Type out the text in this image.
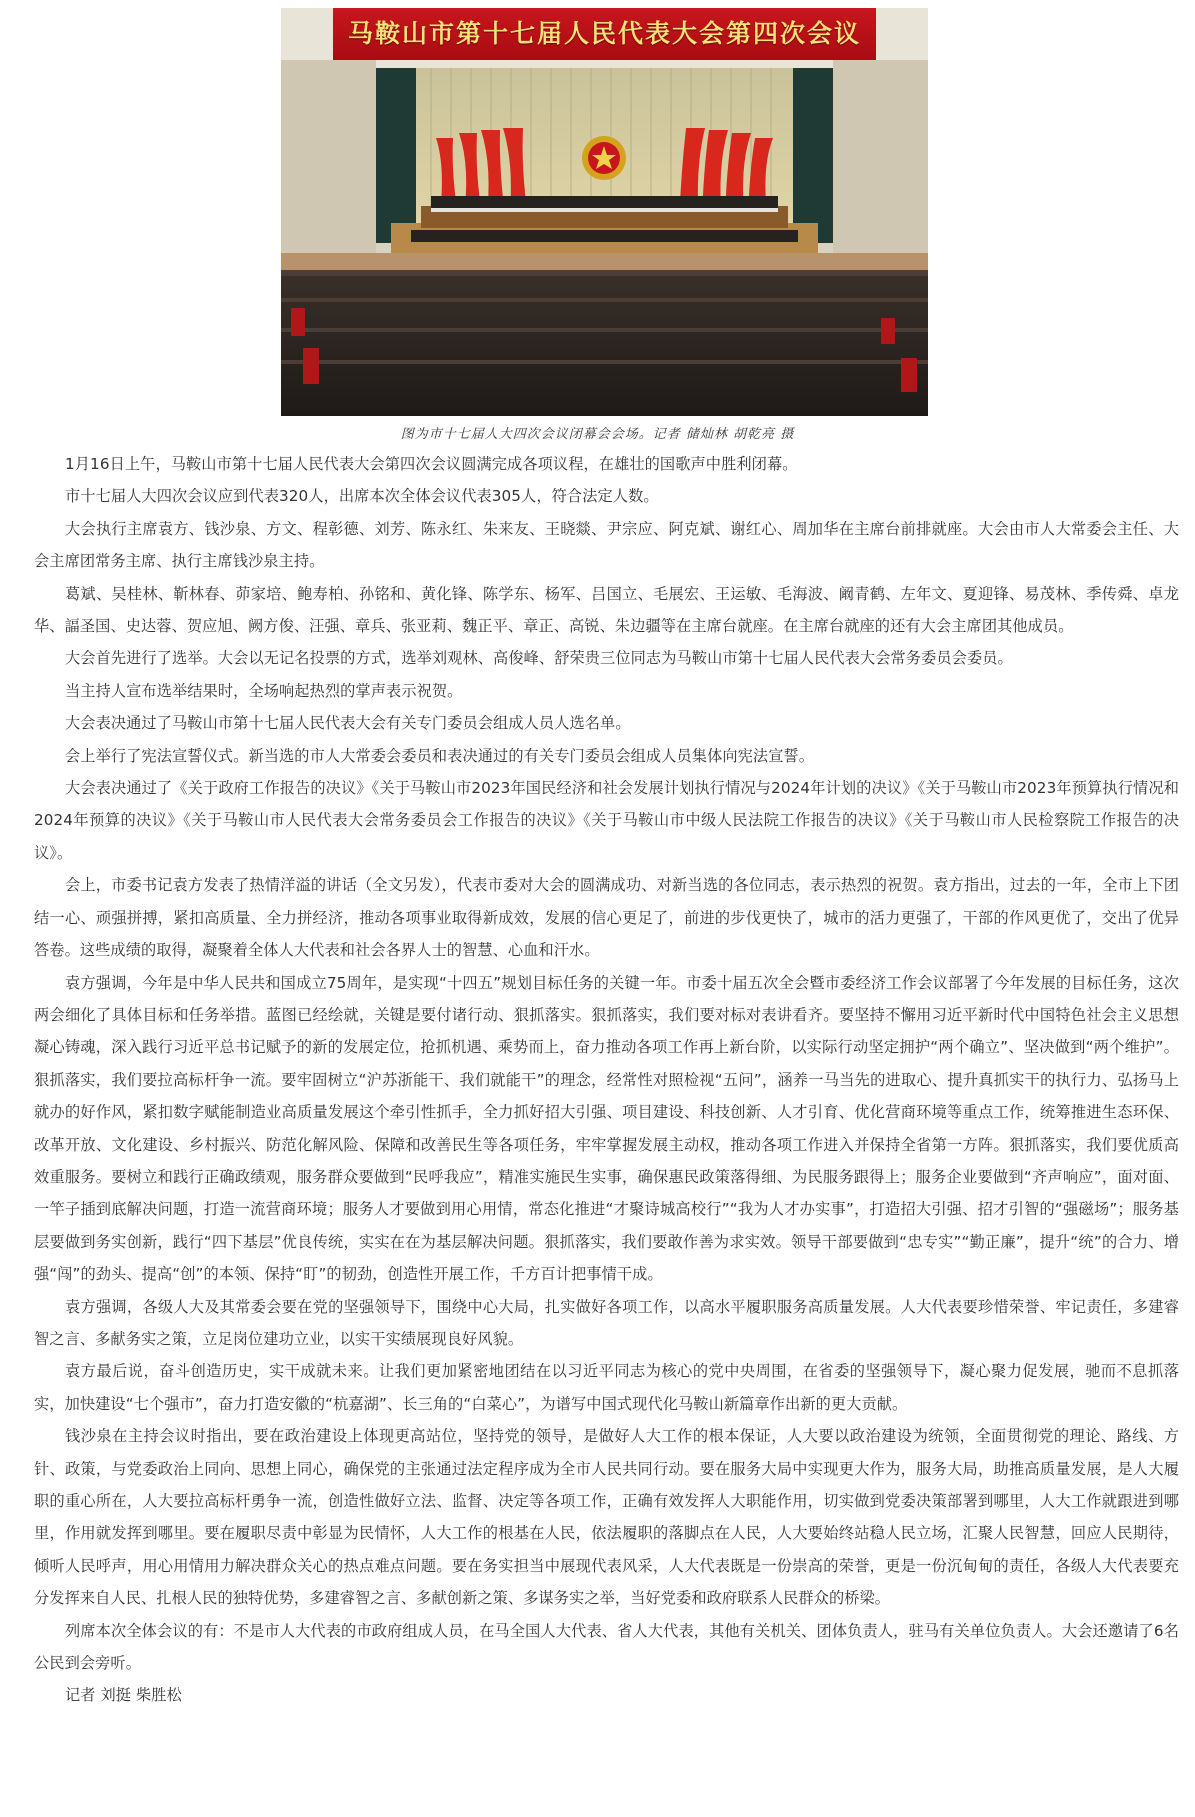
马鞍山市第十七届人民代表大会第四次会议
图为市十七届人大四次会议闭幕会会场。记者 储灿林 胡乾亮 摄

1月16日上午，马鞍山市第十七届人民代表大会第四次会议圆满完成各项议程，在雄壮的国歌声中胜利闭幕。

市十七届人大四次会议应到代表320人，出席本次全体会议代表305人，符合法定人数。

大会执行主席袁方、钱沙泉、方文、程彰德、刘芳、陈永红、朱来友、王晓燚、尹宗应、阿克斌、谢红心、周加华在主席台前排就座。大会由市人大常委会主任、大会主席团常务主席、执行主席钱沙泉主持。

葛斌、吴桂林、靳林春、茆家培、鲍寿柏、孙铭和、黄化锋、陈学东、杨军、吕国立、毛展宏、王运敏、毛海波、阚青鹤、左年文、夏迎锋、易茂林、季传舜、卓龙华、諨圣国、史达蓉、贺应旭、阙方俊、汪强、章兵、张亚莉、魏正平、章正、高锐、朱边疆等在主席台就座。在主席台就座的还有大会主席团其他成员。

大会首先进行了选举。大会以无记名投票的方式，选举刘观林、高俊峰、舒荣贵三位同志为马鞍山市第十七届人民代表大会常务委员会委员。

当主持人宣布选举结果时，全场响起热烈的掌声表示祝贺。

大会表决通过了马鞍山市第十七届人民代表大会有关专门委员会组成人员人选名单。

会上举行了宪法宣誓仪式。新当选的市人大常委会委员和表决通过的有关专门委员会组成人员集体向宪法宣誓。

大会表决通过了《关于政府工作报告的决议》《关于马鞍山市2023年国民经济和社会发展计划执行情况与2024年计划的决议》《关于马鞍山市2023年预算执行情况和2024年预算的决议》《关于马鞍山市人民代表大会常务委员会工作报告的决议》《关于马鞍山市中级人民法院工作报告的决议》《关于马鞍山市人民检察院工作报告的决议》。

会上，市委书记袁方发表了热情洋溢的讲话（全文另发），代表市委对大会的圆满成功、对新当选的各位同志，表示热烈的祝贺。袁方指出，过去的一年，全市上下团结一心、顽强拼搏，紧扣高质量、全力拼经济，推动各项事业取得新成效，发展的信心更足了，前进的步伐更快了，城市的活力更强了，干部的作风更优了，交出了优异答卷。这些成绩的取得，凝聚着全体人大代表和社会各界人士的智慧、心血和汗水。

袁方强调，今年是中华人民共和国成立75周年，是实现“十四五”规划目标任务的关键一年。市委十届五次全会暨市委经济工作会议部署了今年发展的目标任务，这次两会细化了具体目标和任务举措。蓝图已经绘就，关键是要付诸行动、狠抓落实。狠抓落实，我们要对标对表讲看齐。要坚持不懈用习近平新时代中国特色社会主义思想凝心铸魂，深入践行习近平总书记赋予的新的发展定位，抢抓机遇、乘势而上，奋力推动各项工作再上新台阶，以实际行动坚定拥护“两个确立”、坚决做到“两个维护”。狠抓落实，我们要拉高标杆争一流。要牢固树立“沪苏浙能干、我们就能干”的理念，经常性对照检视“五问”，涵养一马当先的进取心、提升真抓实干的执行力、弘扬马上就办的好作风，紧扣数字赋能制造业高质量发展这个牵引性抓手，全力抓好招大引强、项目建设、科技创新、人才引育、优化营商环境等重点工作，统筹推进生态环保、改革开放、文化建设、乡村振兴、防范化解风险、保障和改善民生等各项任务，牢牢掌握发展主动权，推动各项工作进入并保持全省第一方阵。狠抓落实，我们要优质高效重服务。要树立和践行正确政绩观，服务群众要做到“民呼我应”，精准实施民生实事，确保惠民政策落得细、为民服务跟得上；服务企业要做到“齐声响应”，面对面、一竿子插到底解决问题，打造一流营商环境；服务人才要做到用心用情，常态化推进“才聚诗城高校行”“我为人才办实事”，打造招大引强、招才引智的“强磁场”；服务基层要做到务实创新，践行“四下基层”优良传统，实实在在为基层解决问题。狠抓落实，我们要敢作善为求实效。领导干部要做到“忠专实”“勤正廉”，提升“统”的合力、增强“闯”的劲头、提高“创”的本领、保持“盯”的韧劲，创造性开展工作，千方百计把事情干成。

袁方强调，各级人大及其常委会要在党的坚强领导下，围绕中心大局，扎实做好各项工作，以高水平履职服务高质量发展。人大代表要珍惜荣誉、牢记责任，多建睿智之言、多献务实之策，立足岗位建功立业，以实干实绩展现良好风貌。

袁方最后说，奋斗创造历史，实干成就未来。让我们更加紧密地团结在以习近平同志为核心的党中央周围，在省委的坚强领导下，凝心聚力促发展，驰而不息抓落实，加快建设“七个强市”，奋力打造安徽的“杭嘉湖”、长三角的“白菜心”，为谱写中国式现代化马鞍山新篇章作出新的更大贡献。

钱沙泉在主持会议时指出，要在政治建设上体现更高站位，坚持党的领导，是做好人大工作的根本保证，人大要以政治建设为统领，全面贯彻党的理论、路线、方针、政策，与党委政治上同向、思想上同心，确保党的主张通过法定程序成为全市人民共同行动。要在服务大局中实现更大作为，服务大局，助推高质量发展，是人大履职的重心所在，人大要拉高标杆勇争一流，创造性做好立法、监督、决定等各项工作，正确有效发挥人大职能作用，切实做到党委决策部署到哪里，人大工作就跟进到哪里，作用就发挥到哪里。要在履职尽责中彰显为民情怀，人大工作的根基在人民，依法履职的落脚点在人民，人大要始终站稳人民立场，汇聚人民智慧，回应人民期待，倾听人民呼声，用心用情用力解决群众关心的热点难点问题。要在务实担当中展现代表风采，人大代表既是一份崇高的荣誉，更是一份沉甸甸的责任，各级人大代表要充分发挥来自人民、扎根人民的独特优势，多建睿智之言、多献创新之策、多谋务实之举，当好党委和政府联系人民群众的桥梁。

列席本次全体会议的有：不是市人大代表的市政府组成人员，在马全国人大代表、省人大代表，其他有关机关、团体负责人，驻马有关单位负责人。大会还邀请了6名公民到会旁听。

记者 刘挺 柴胜松
